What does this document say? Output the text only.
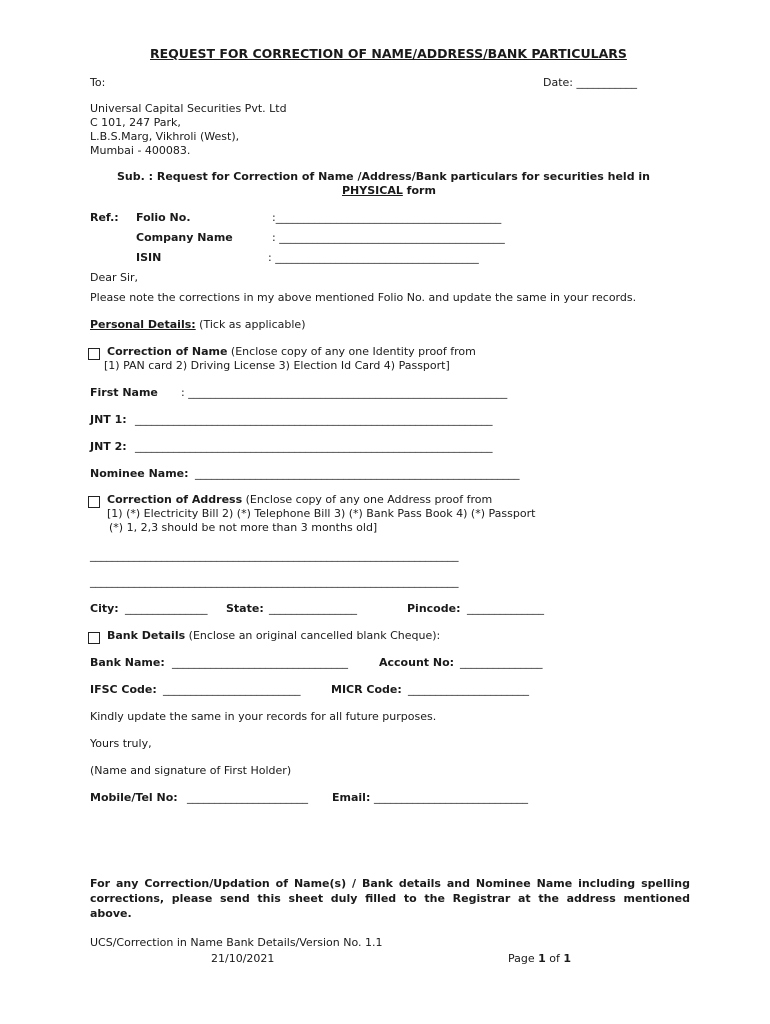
REQUEST FOR CORRECTION OF NAME/ADDRESS/BANK PARTICULARS
To:	Date: ___________
Universal Capital Securities Pvt. Ltd
C 101, 247 Park,
L.B.S.Marg, Vikhroli (West),
Mumbai - 400083.
Sub. : Request for Correction of Name /Address/Bank particulars for securities held in
PHYSICAL form
Ref.: Folio No.	:_________________________________________
Company Name	: _________________________________________
ISIN	: _____________________________________
Dear Sir,
Please note the corrections in my above mentioned Folio No. and update the same in your records.
Personal Details: (Tick as applicable)
Correction of Name (Enclose copy of any one Identity proof from
[1) PAN card 2) Driving License 3) Election Id Card 4) Passport]
First Name : __________________________________________________________
JNT 1: _________________________________________________________________
JNT 2: _________________________________________________________________
Nominee Name: ___________________________________________________________
Correction of Address (Enclose copy of any one Address proof from
[1) (*) Electricity Bill 2) (*) Telephone Bill 3) (*) Bank Pass Book 4) (*) Passport
(*) 1, 2,3 should be not more than 3 months old]
___________________________________________________________________
___________________________________________________________________
City: _______________ State: ________________	Pincode: ______________
Bank Details (Enclose an original cancelled blank Cheque):
Bank Name: ________________________________	Account No: _______________
IFSC Code: _________________________	MICR Code: ______________________
Kindly update the same in your records for all future purposes.
Yours truly,
(Name and signature of First Holder)
Mobile/Tel No: ______________________ Email: ____________________________
For any Correction/Updation of Name(s) / Bank details and Nominee Name including spelling
corrections, please send this sheet duly filled to the Registrar at the address mentioned
above.
UCS/Correction in Name Bank Details/Version No. 1.1
21/10/2021	Page 1 of 1
